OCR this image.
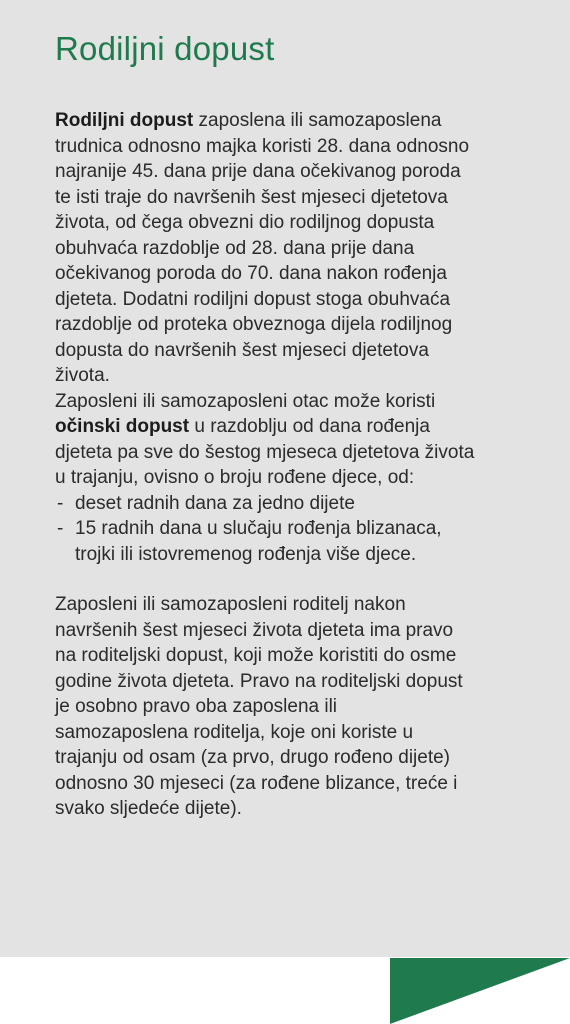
Rodiljni dopust

Rodiljni dopust zaposlena ili samozaposlena trudnica odnosno majka koristi 28. dana odnosno najranije 45. dana prije dana očekivanog poroda te isti traje do navršenih šest mjeseci djetetova života, od čega obvezni dio rodiljnog dopusta obuhvaća razdoblje od 28. dana prije dana očekivanog poroda do 70. dana nakon rođenja djeteta. Dodatni rodiljni dopust stoga obuhvaća razdoblje od proteka obveznoga dijela rodiljnog dopusta do navršenih šest mjeseci djetetova života.

Zaposleni ili samozaposleni otac može koristi očinski dopust u razdoblju od dana rođenja djeteta pa sve do šestog mjeseca djetetova života u trajanju, ovisno o broju rođene djece, od:

- deset radnih dana za jedno dijete
- 15 radnih dana u slučaju rođenja blizanaca, trojki ili istovremenog rođenja više djece.

Zaposleni ili samozaposleni roditelj nakon navršenih šest mjeseci života djeteta ima pravo na roditeljski dopust, koji može koristiti do osme godine života djeteta. Pravo na roditeljski dopust je osobno pravo oba zaposlena ili samozaposlena roditelja, koje oni koriste u trajanju od osam (za prvo, drugo rođeno dijete) odnosno 30 mjeseci (za rođene blizance, treće i svako sljedeće dijete).
